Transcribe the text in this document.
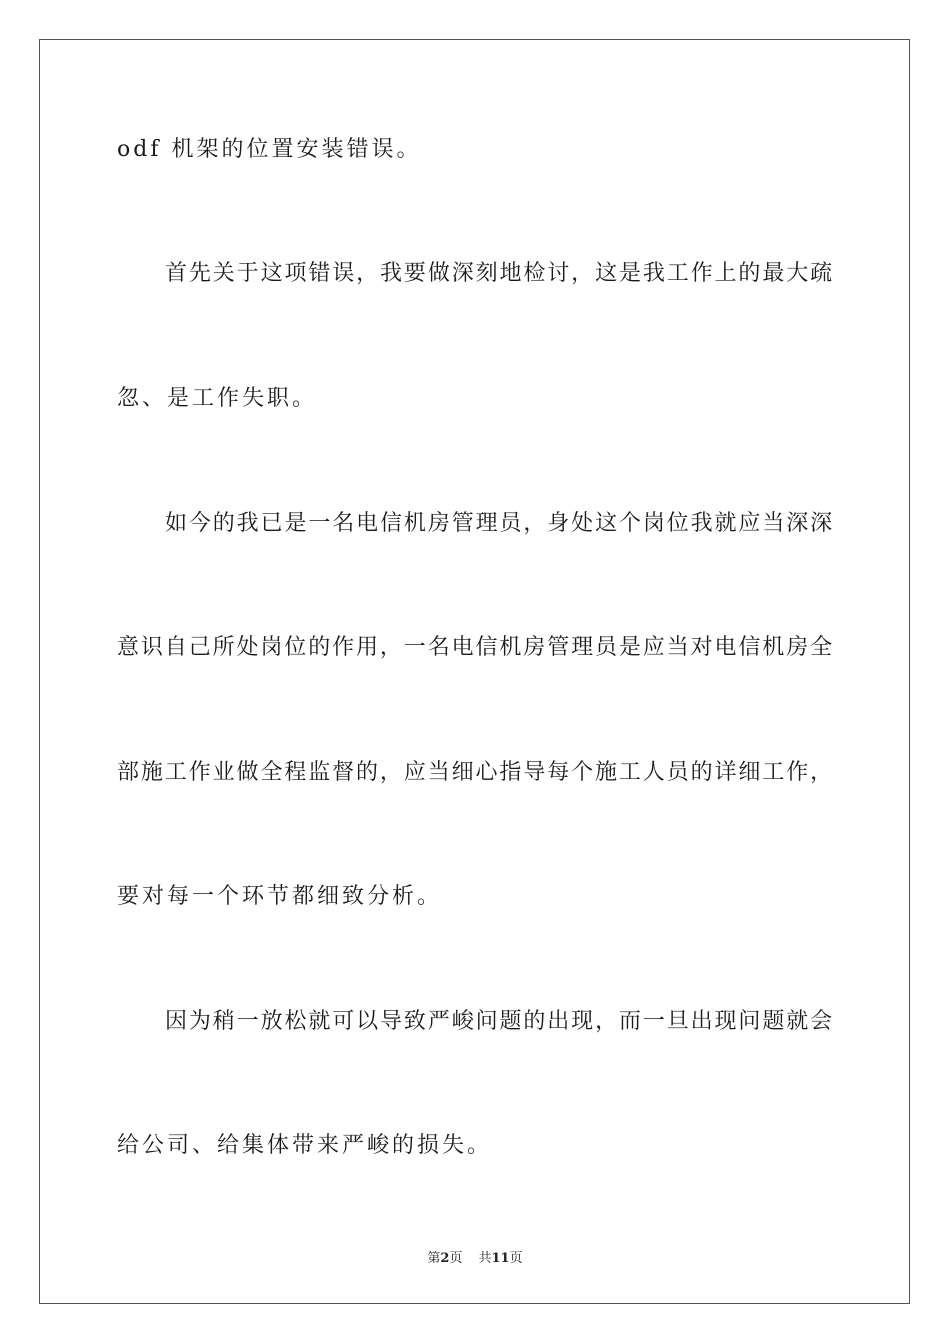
odf 机架的位置安装错误。
首先关于这项错误，我要做深刻地检讨，这是我工作上的最大疏
忽、是工作失职。
如今的我已是一名电信机房管理员，身处这个岗位我就应当深深
意识自己所处岗位的作用，一名电信机房管理员是应当对电信机房全
部施工作业做全程监督的，应当细心指导每个施工人员的详细工作，
要对每一个环节都细致分析。
因为稍一放松就可以导致严峻问题的出现，而一旦出现问题就会
给公司、给集体带来严峻的损失。
第2页 共11页
